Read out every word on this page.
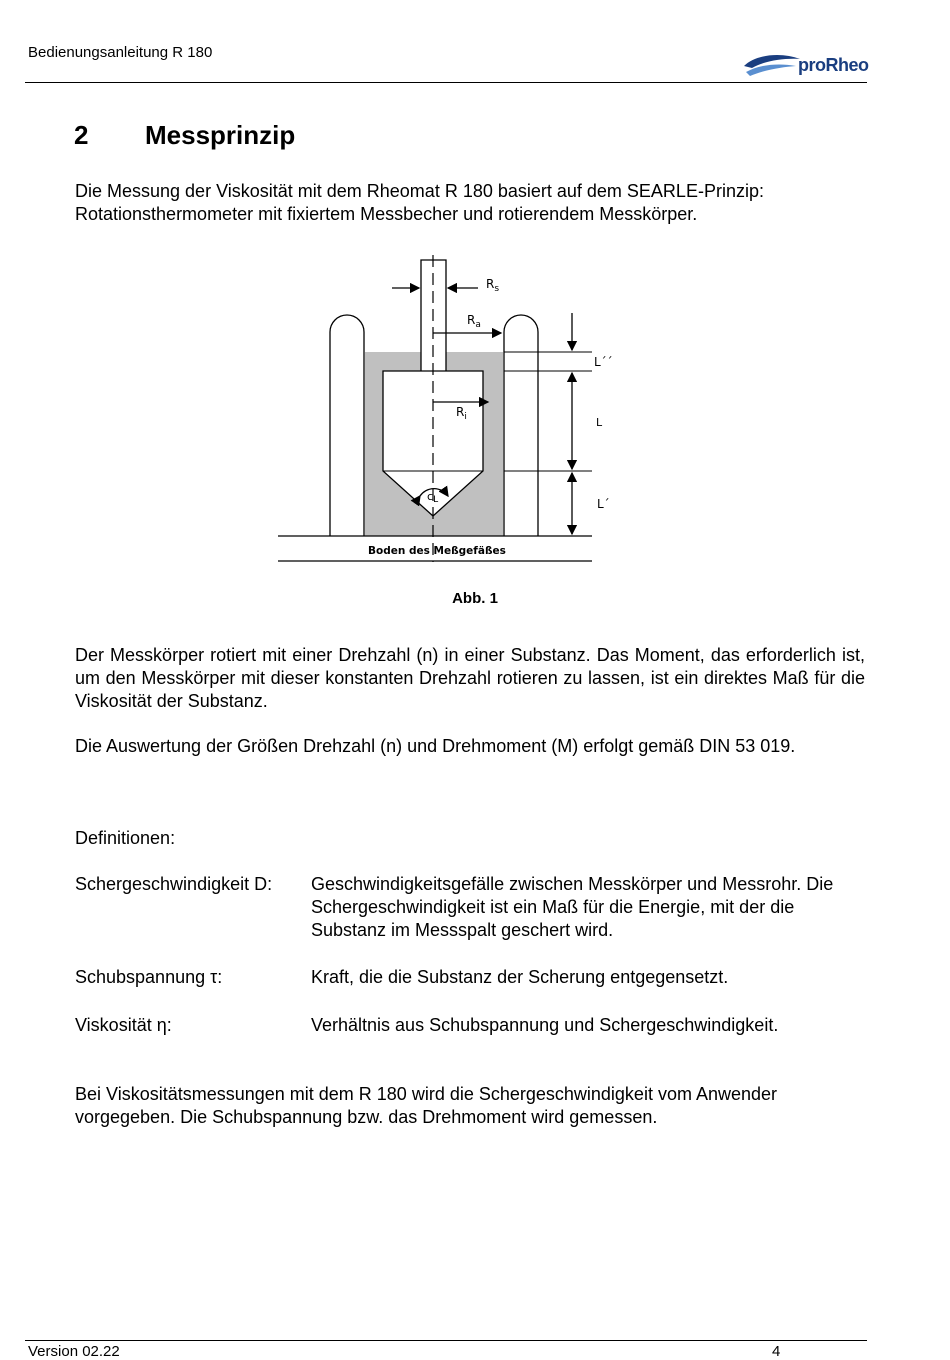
Bedienungsanleitung R 180
proRheo
2 Messprinzip
Die Messung der Viskosität mit dem Rheomat R 180 basiert auf dem SEARLE-Prinzip: Rotationsthermometer mit fixiertem Messbecher und rotierendem Messkörper.
$R_s$
$R_a$
$R_i$
cL
L´´
L
L´
Boden des Meßgefäßes
Abb. 1
Der Messkörper rotiert mit einer Drehzahl (n) in einer Substanz. Das Moment, das erforderlich ist, um den Messkörper mit dieser konstanten Drehzahl rotieren zu lassen, ist ein direktes Maß für die Viskosität der Substanz.
Die Auswertung der Größen Drehzahl (n) und Drehmoment (M) erfolgt gemäß DIN 53 019.
Definitionen:
Schergeschwindigkeit D: Geschwindigkeitsgefälle zwischen Messkörper und Messrohr. Die Schergeschwindigkeit ist ein Maß für die Energie, mit der die Substanz im Messspalt geschert wird.
Schubspannung τ:	Kraft, die die Substanz der Scherung entgegensetzt.
Viskosität η:	Verhältnis aus Schubspannung und Schergeschwindigkeit.
Bei Viskositätsmessungen mit dem R 180 wird die Schergeschwindigkeit vom Anwender vorgegeben. Die Schubspannung bzw. das Drehmoment wird gemessen.
Version 02.22	4
